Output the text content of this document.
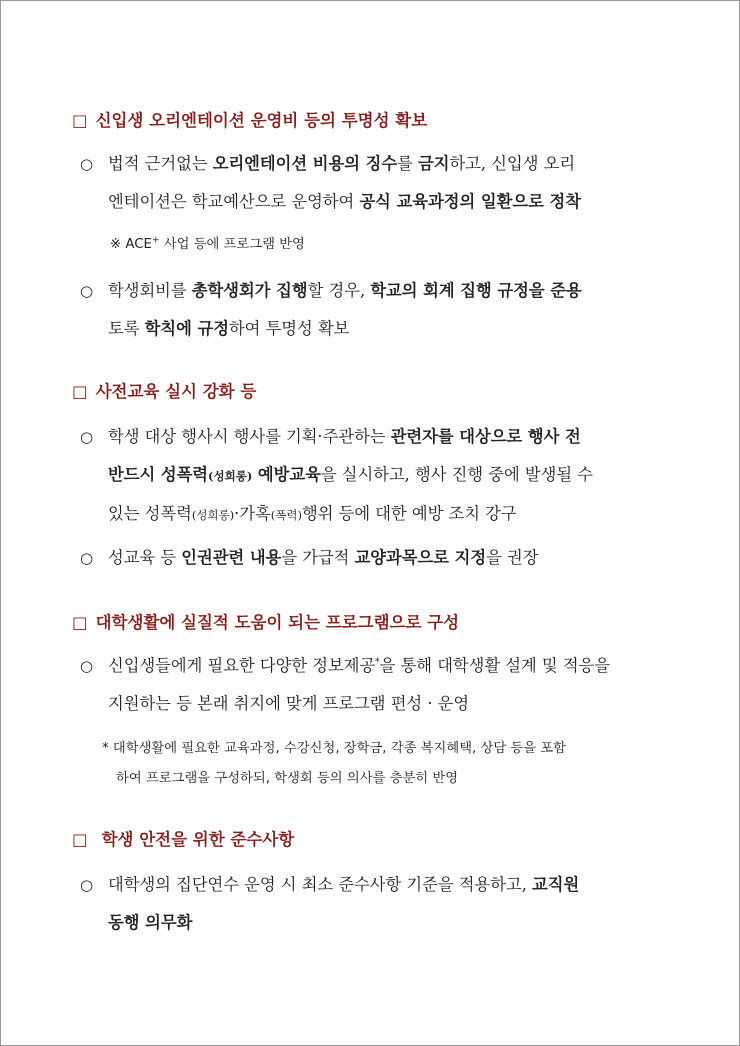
□ 신입생 오리엔테이션 운영비 등의 투명성 확보
○ 법적 근거없는 오리엔테이션 비용의 징수를 금지하고, 신입생 오리
엔테이션은 학교예산으로 운영하여 공식 교육과정의 일환으로 정착
※ ACE+ 사업 등에 프로그램 반영
○ 학생회비를 총학생회가 집행할 경우, 학교의 회계 집행 규정을 준용
토록 학칙에 규정하여 투명성 확보
□ 사전교육 실시 강화 등
○ 학생 대상 행사시 행사를 기획·주관하는 관련자를 대상으로 행사 전
반드시 성폭력(성희롱) 예방교육을 실시하고, 행사 진행 중에 발생될 수
있는 성폭력(성희롱)·가혹(폭력)행위 등에 대한 예방 조치 강구
○ 성교육 등 인권관련 내용을 가급적 교양과목으로 지정을 권장
□ 대학생활에 실질적 도움이 되는 프로그램으로 구성
○ 신입생들에게 필요한 다양한 정보제공*을 통해 대학생활 설계 및 적응을
지원하는 등 본래 취지에 맞게 프로그램 편성 · 운영
* 대학생활에 필요한 교육과정, 수강신청, 장학금, 각종 복지혜택, 상담 등을 포함
하여 프로그램을 구성하되, 학생회 등의 의사를 충분히 반영
□ 학생 안전을 위한 준수사항
○ 대학생의 집단연수 운영 시 최소 준수사항 기준을 적용하고, 교직원
동행 의무화
